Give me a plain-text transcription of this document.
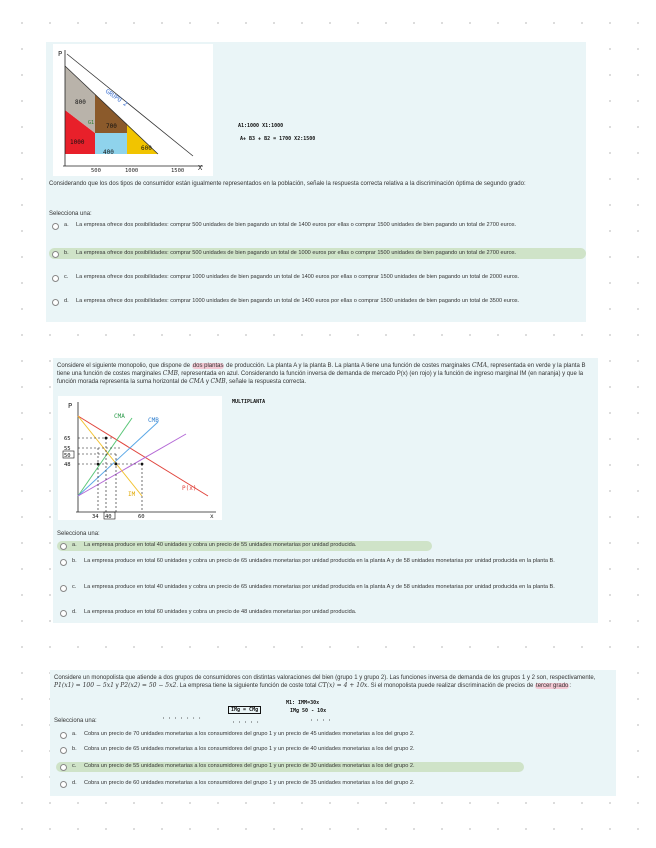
P
X
GRUPO 2
G1
800
1000
700
400
600
500	1000	1500
A1:1000 X1:1000
A+ B3 + B2 = 1700 X2:1500
Considerando que los dos tipos de consumidor están igualmente representados en la población, señale la respuesta correcta relativa a la discriminación óptima de segundo grado:
Selecciona una:
a.	La empresa ofrece dos posibilidades: comprar 500 unidades de bien pagando un total de 1400 euros por ellas o comprar 1500 unidades de bien pagando un total de 2700 euros.
b.	La empresa ofrece dos posibilidades: comprar 500 unidades de bien pagando un total de 1000 euros por ellas o comprar 1500 unidades de bien pagando un total de 2700 euros.
c.	La empresa ofrece dos posibilidades: comprar 1000 unidades de bien pagando un total de 1400 euros por ellas o comprar 1500 unidades de bien pagando un total de 2000 euros.
d.	La empresa ofrece dos posibilidades: comprar 1000 unidades de bien pagando un total de 1400 euros por ellas o comprar 1500 unidades de bien pagando un total de 3500 euros.
Considere el siguiente monopolio, que dispone de dos plantas de producción. La planta A y la planta B. La planta A tiene una función de costes marginales CMA, representada en verde y la planta B tiene una función de costes marginales CMB, representada en azul. Considerando la función inversa de demanda de mercado P(x) (en rojo) y la función de ingreso marginal IM (en naranja) y que la función morada representa la suma horizontal de CMA y CMB, señale la respuesta correcta.
MULTIPLANTA
P
x
CMA
CMB
P(x)
IM
65
55
50
48
34 40	60
Selecciona una:
a.	La empresa produce en total 40 unidades y cobra un precio de 55 unidades monetarias por unidad producida.
b.	La empresa produce en total 60 unidades y cobra un precio de 65 unidades monetarias por unidad producida en la planta A y de 58 unidades monetarias por unidad producida en la planta B.
c.	La empresa produce en total 40 unidades y cobra un precio de 65 unidades monetarias por unidad producida en la planta A y de 58 unidades monetarias por unidad producida en la planta B.
d.	La empresa produce en total 60 unidades y cobra un precio de 48 unidades monetarias por unidad producida.
Considere un monopolista que atiende a dos grupos de consumidores con distintas valoraciones del bien (grupo 1 y grupo 2). Las funciones inversa de demanda de los grupos 1 y 2 son, respectivamente, P1(x1) = 100 − 5x1 y P2(x2) = 50 − 5x2. La empresa tiene la siguiente función de coste total CT(x) = 4 + 10x. Si el monopolista puede realizar discriminación de precios de tercer grado:
IMg = CMg
M1: IMM=30x
IMg 50 - 10x
· · · · · · ·
· · · · ·	· · · ·
Selecciona una:
a.	Cobra un precio de 70 unidades monetarias a los consumidores del grupo 1 y un precio de 45 unidades monetarias a los del grupo 2.
b.	Cobra un precio de 65 unidades monetarias a los consumidores del grupo 1 y un precio de 40 unidades monetarias a los del grupo 2.
c.	Cobra un precio de 55 unidades monetarias a los consumidores del grupo 1 y un precio de 30 unidades monetarias a los del grupo 2.
d.	Cobra un precio de 60 unidades monetarias a los consumidores del grupo 1 y un precio de 35 unidades monetarias a los del grupo 2.
